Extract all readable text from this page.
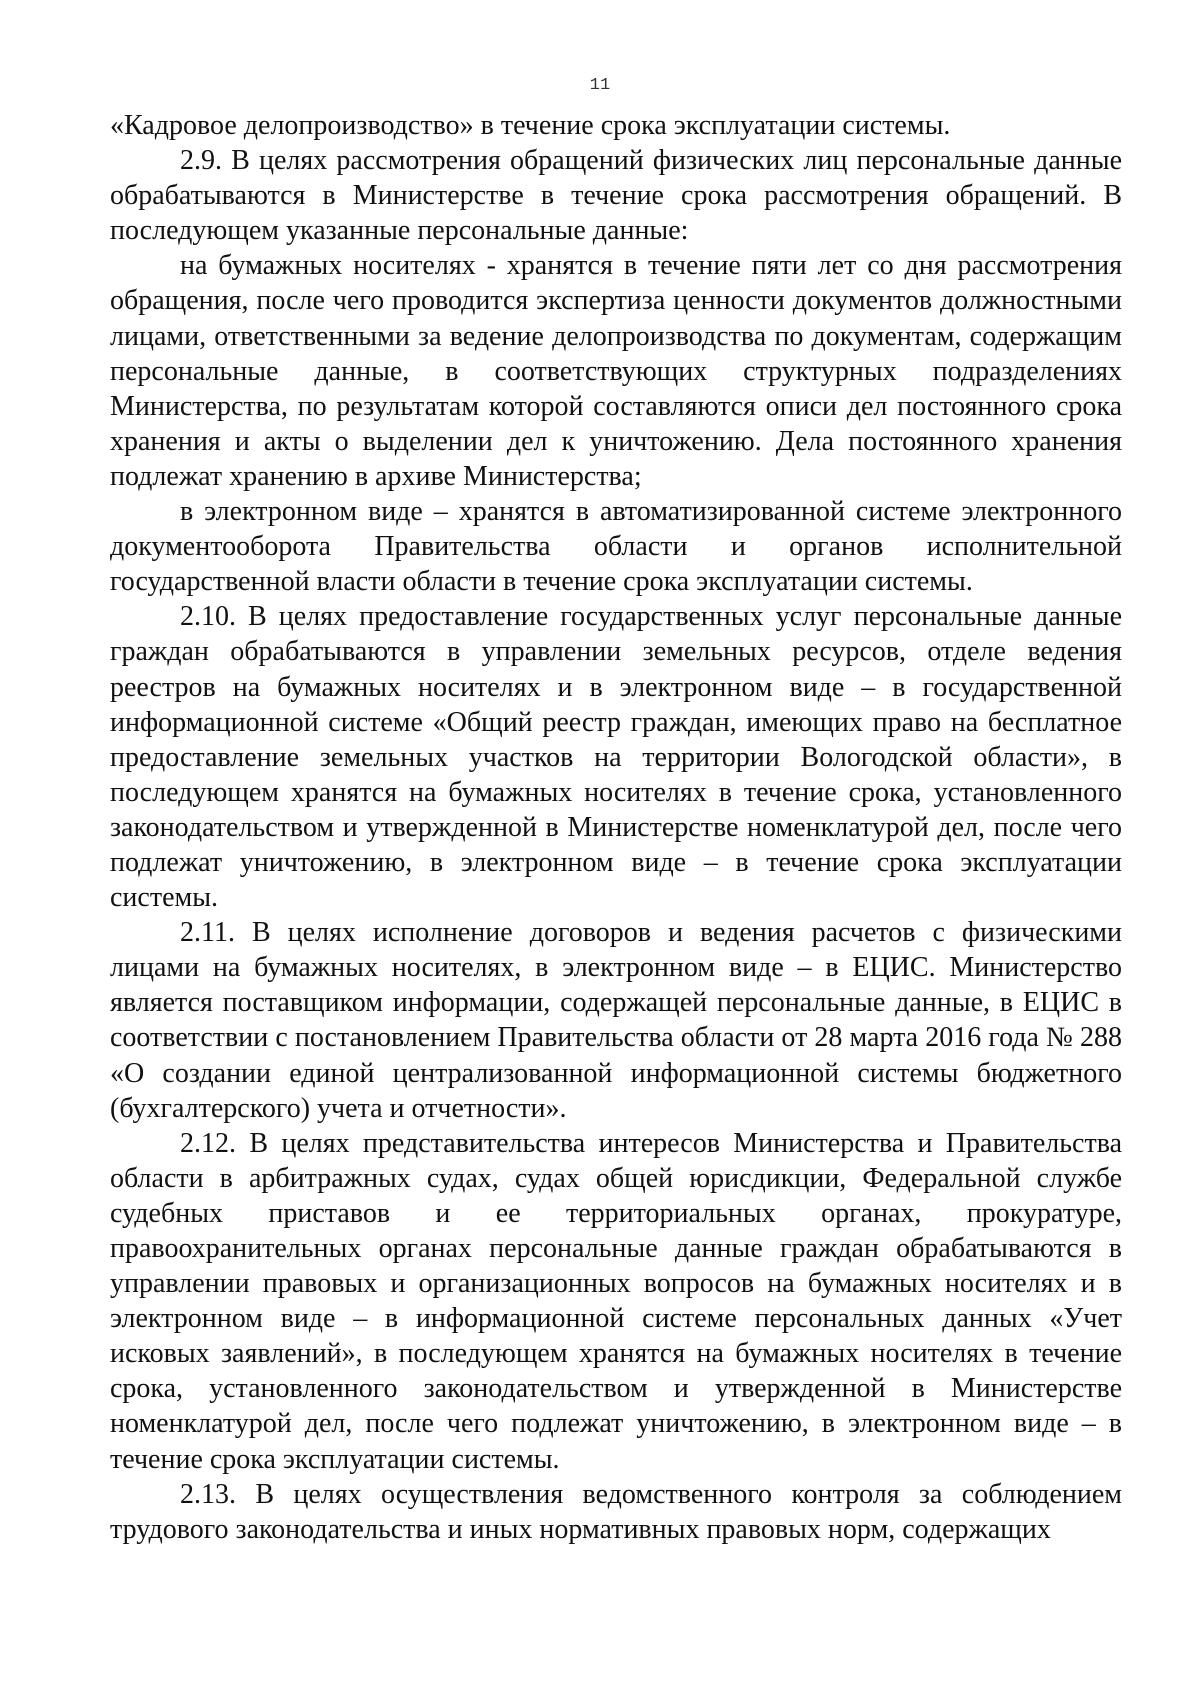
11

«Кадровое делопроизводство» в течение срока эксплуатации системы.

2.9. В целях рассмотрения обращений физических лиц персональные данные обрабатываются в Министерстве в течение срока рассмотрения обращений. В последующем указанные персональные данные:

на бумажных носителях - хранятся в течение пяти лет со дня рассмотрения обращения, после чего проводится экспертиза ценности документов должностными лицами, ответственными за ведение делопроизводства по документам, содержащим персональные данные, в соответствующих структурных подразделениях Министерства, по результатам которой составляются описи дел постоянного срока хранения и акты о выделении дел к уничтожению. Дела постоянного хранения подлежат хранению в архиве Министерства;

в электронном виде – хранятся в автоматизированной системе электронного документооборота Правительства области и органов исполнительной государственной власти области в течение срока эксплуатации системы.

2.10. В целях предоставление государственных услуг персональные данные граждан обрабатываются в управлении земельных ресурсов, отделе ведения реестров на бумажных носителях и в электронном виде – в государственной информационной системе «Общий реестр граждан, имеющих право на бесплатное предоставление земельных участков на территории Вологодской области», в последующем хранятся на бумажных носителях в течение срока, установленного законодательством и утвержденной в Министерстве номенклатурой дел, после чего подлежат уничтожению, в электронном виде – в течение срока эксплуатации системы.

2.11. В целях исполнение договоров и ведения расчетов с физическими лицами на бумажных носителях, в электронном виде – в ЕЦИС. Министерство является поставщиком информации, содержащей персональные данные, в ЕЦИС в соответствии с постановлением Правительства области от 28 марта 2016 года № 288 «О создании единой централизованной информационной системы бюджетного (бухгалтерского) учета и отчетности».

2.12. В целях представительства интересов Министерства и Правительства области в арбитражных судах, судах общей юрисдикции, Федеральной службе судебных приставов и ее территориальных органах, прокуратуре, правоохранительных органах персональные данные граждан обрабатываются в управлении правовых и организационных вопросов на бумажных носителях и в электронном виде – в информационной системе персональных данных «Учет исковых заявлений», в последующем хранятся на бумажных носителях в течение срока, установленного законодательством и утвержденной в Министерстве номенклатурой дел, после чего подлежат уничтожению, в электронном виде – в течение срока эксплуатации системы.

2.13. В целях осуществления ведомственного контроля за соблюдением трудового законодательства и иных нормативных правовых норм, содержащих
